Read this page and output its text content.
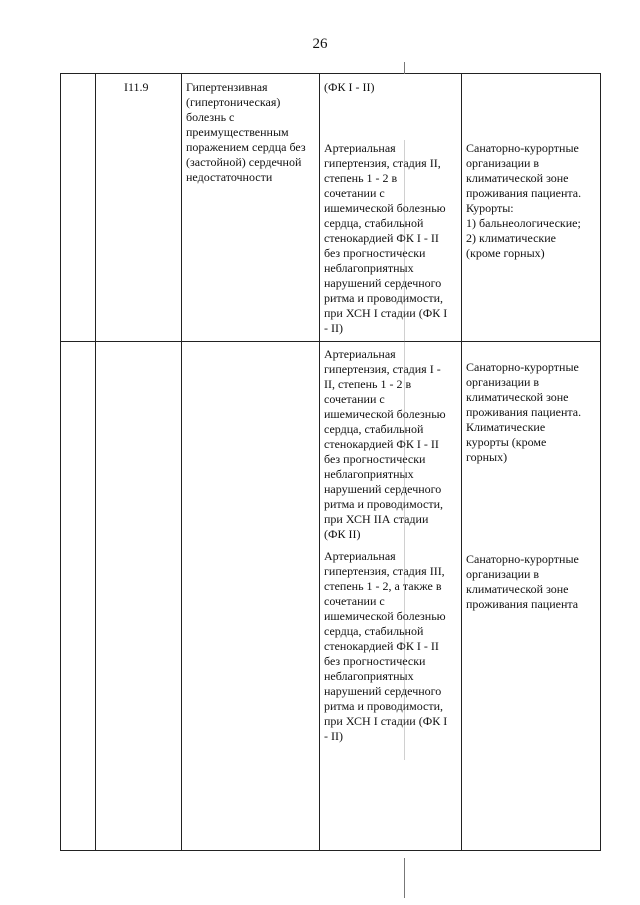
26
I11.9	Гипертензивная
(гипертоническая)
болезнь с
преимущественным
поражением сердца без
(застойной) сердечной
недостаточности
(ФК I - II)
Артериальная
гипертензия, стадия II,
степень 1 - 2 в
сочетании с
ишемической болезнью
сердца, стабильной
стенокардией ФК I - II
без прогностически
неблагоприятных
нарушений сердечного
ритма и проводимости,
при ХСН I стадии (ФК I
- II)
Санаторно-курортные
организации в
климатической зоне
проживания пациента.
Курорты:
1) бальнеологические;
2) климатические
(кроме горных)
Артериальная
гипертензия, стадия I -
II, степень 1 - 2 в
сочетании с
ишемической болезнью
сердца, стабильной
стенокардией ФК I - II
без прогностически
неблагоприятных
нарушений сердечного
ритма и проводимости,
при ХСН IIА стадии
(ФК II)
Санаторно-курортные
организации в
климатической зоне
проживания пациента.
Климатические
курорты (кроме
горных)
Артериальная
гипертензия, стадия III,
степень 1 - 2, а также в
сочетании с
ишемической болезнью
сердца, стабильной
стенокардией ФК I - II
без прогностически
неблагоприятных
нарушений сердечного
ритма и проводимости,
при ХСН I стадии (ФК I
- II)
Санаторно-курортные
организации в
климатической зоне
проживания пациента
